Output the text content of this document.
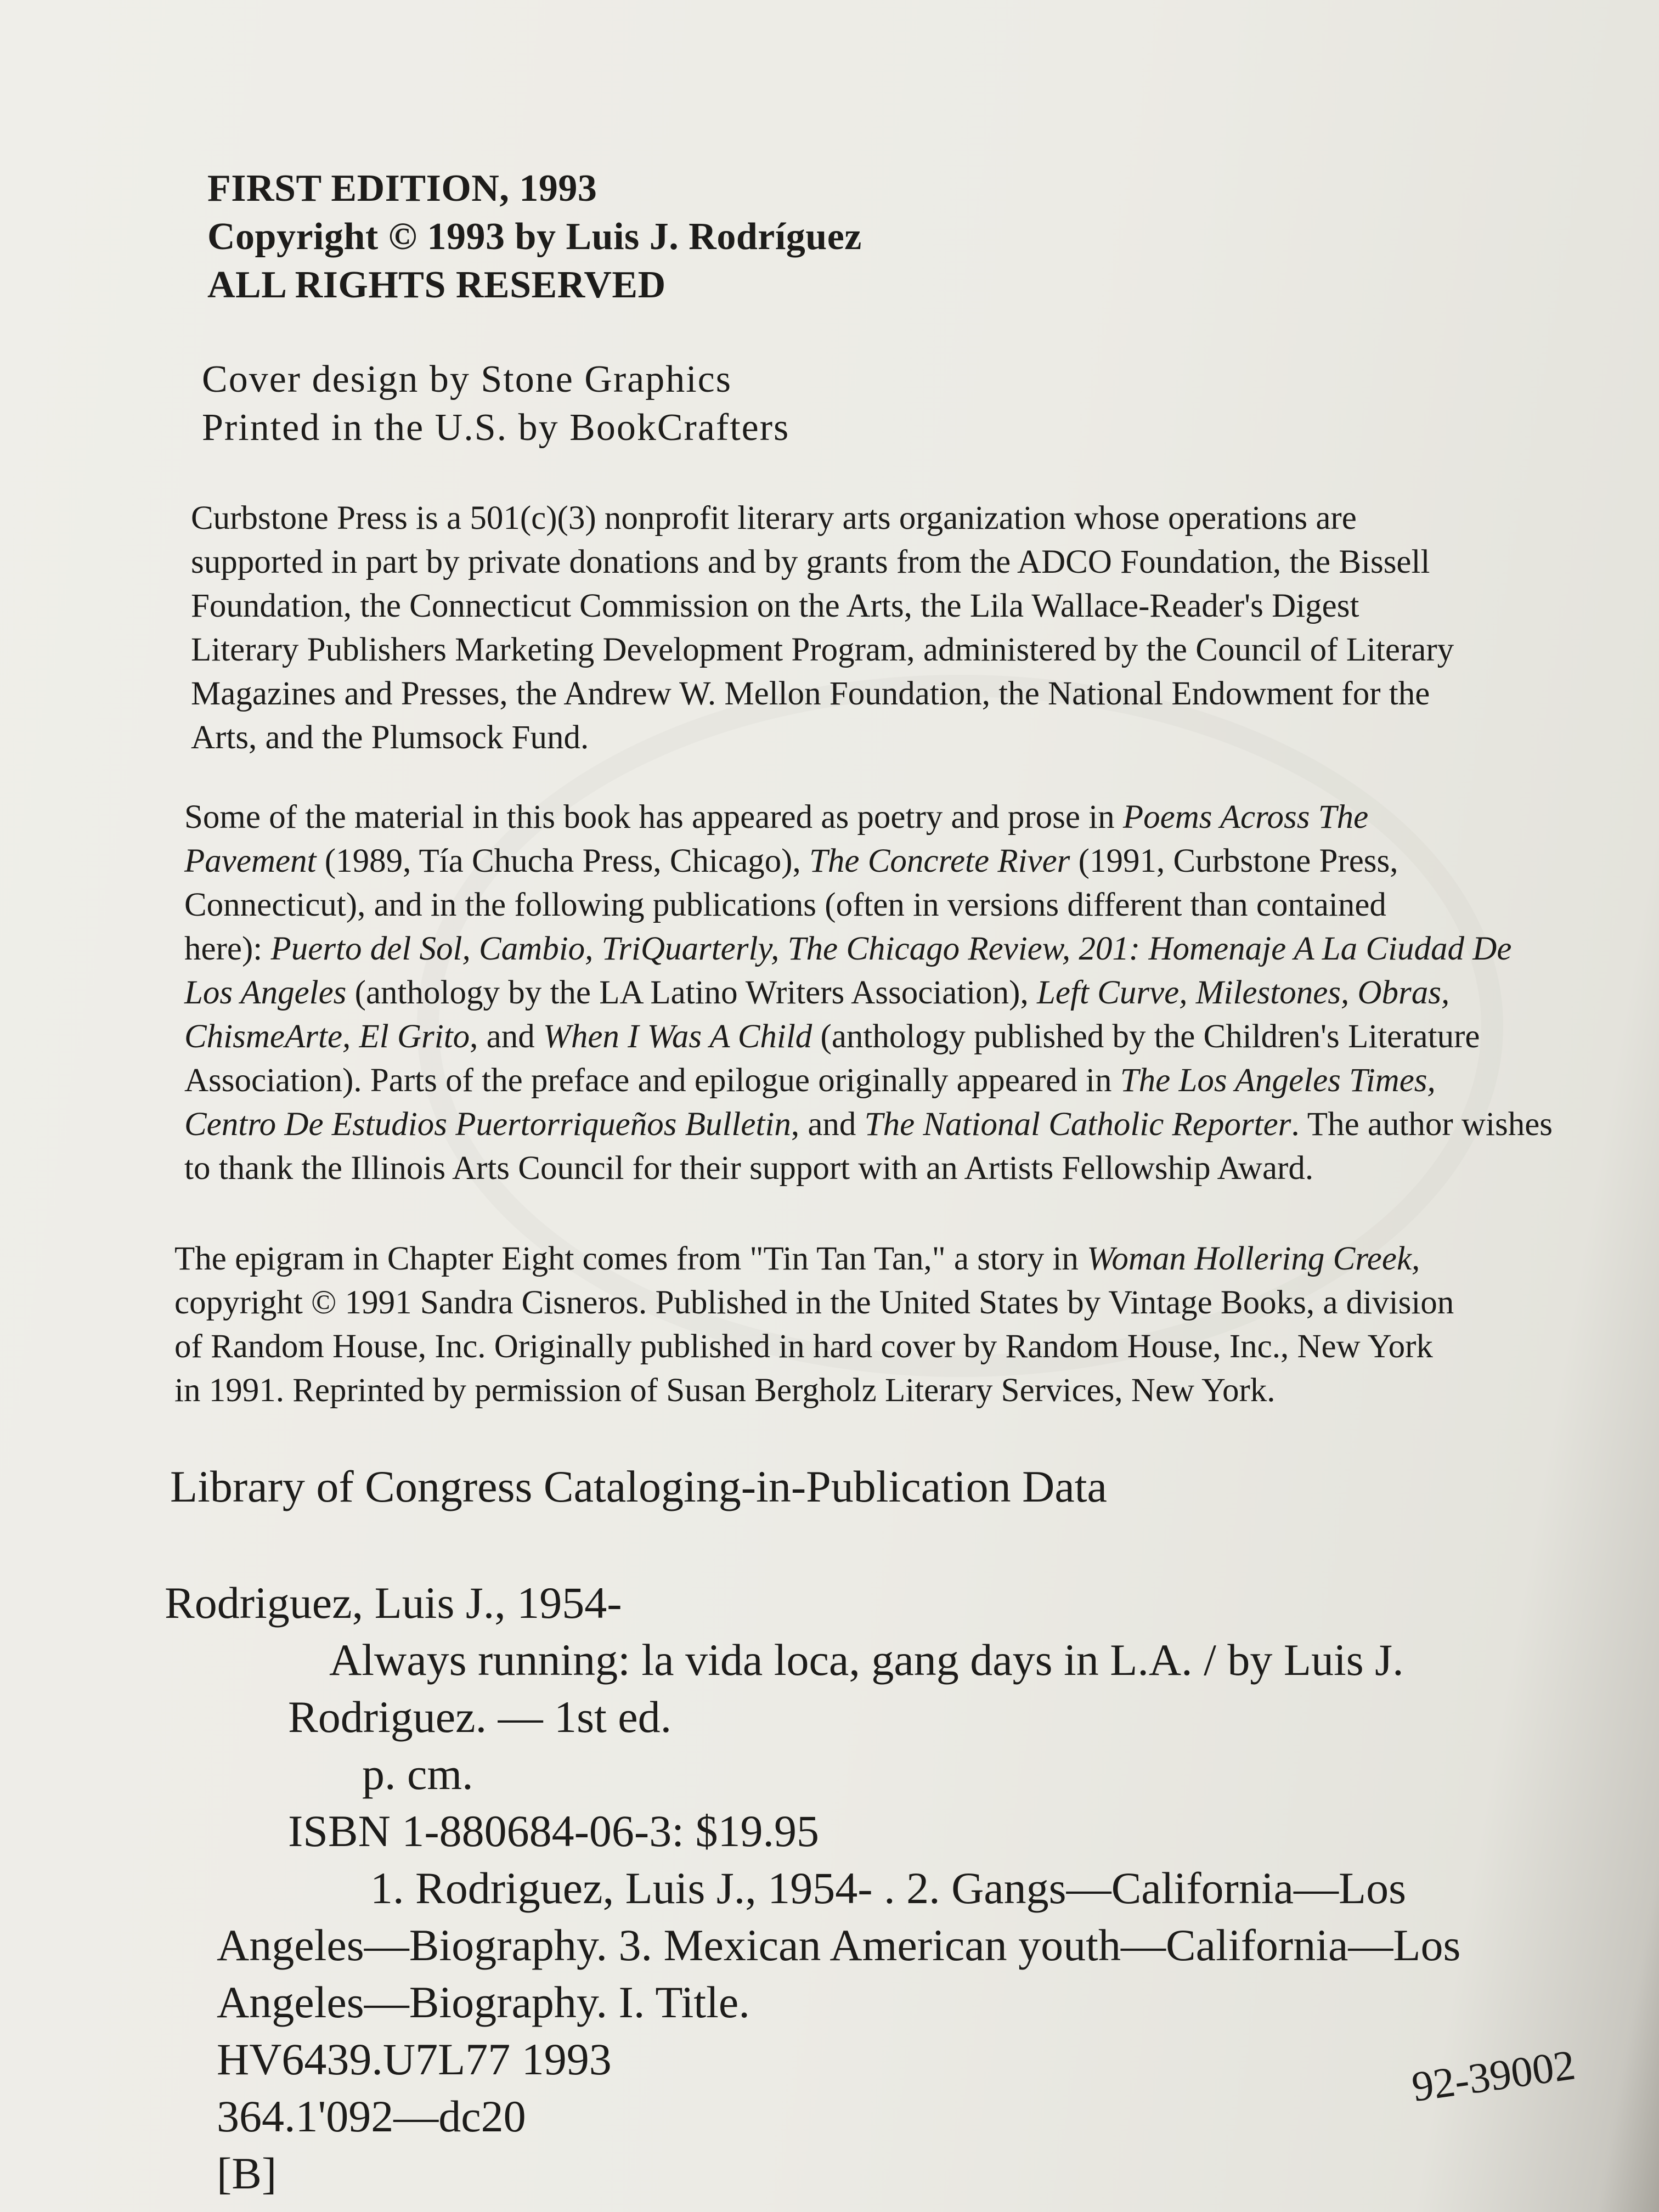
FIRST EDITION, 1993
Copyright © 1993 by Luis J. Rodríguez
ALL RIGHTS RESERVED
Cover design by Stone Graphics
Printed in the U.S. by BookCrafters
Curbstone Press is a 501(c)(3) nonprofit literary arts organization whose operations are
supported in part by private donations and by grants from the ADCO Foundation, the Bissell
Foundation, the Connecticut Commission on the Arts, the Lila Wallace-Reader's Digest
Literary Publishers Marketing Development Program, administered by the Council of Literary
Magazines and Presses, the Andrew W. Mellon Foundation, the National Endowment for the
Arts, and the Plumsock Fund.
Some of the material in this book has appeared as poetry and prose in Poems Across The
Pavement (1989, Tía Chucha Press, Chicago), The Concrete River (1991, Curbstone Press,
Connecticut), and in the following publications (often in versions different than contained
here): Puerto del Sol, Cambio, TriQuarterly, The Chicago Review, 201: Homenaje A La Ciudad De
Los Angeles (anthology by the LA Latino Writers Association), Left Curve, Milestones, Obras,
ChismeArte, El Grito, and When I Was A Child (anthology published by the Children's Literature
Association). Parts of the preface and epilogue originally appeared in The Los Angeles Times,
Centro De Estudios Puertorriqueños Bulletin, and The National Catholic Reporter. The author wishes
to thank the Illinois Arts Council for their support with an Artists Fellowship Award.
The epigram in Chapter Eight comes from "Tin Tan Tan," a story in Woman Hollering Creek,
copyright © 1991 Sandra Cisneros. Published in the United States by Vintage Books, a division
of Random House, Inc. Originally published in hard cover by Random House, Inc., New York
in 1991. Reprinted by permission of Susan Bergholz Literary Services, New York.
Library of Congress Cataloging-in-Publication Data
Rodriguez, Luis J., 1954-
Always running: la vida loca, gang days in L.A. / by Luis J.
Rodriguez. — 1st ed.
p. cm.
ISBN 1-880684-06-3: $19.95
1. Rodriguez, Luis J., 1954- . 2. Gangs—California—Los
Angeles—Biography. 3. Mexican American youth—California—Los
Angeles—Biography. I. Title.
HV6439.U7L77 1993
364.1'092—dc20
[B]
92-39002
